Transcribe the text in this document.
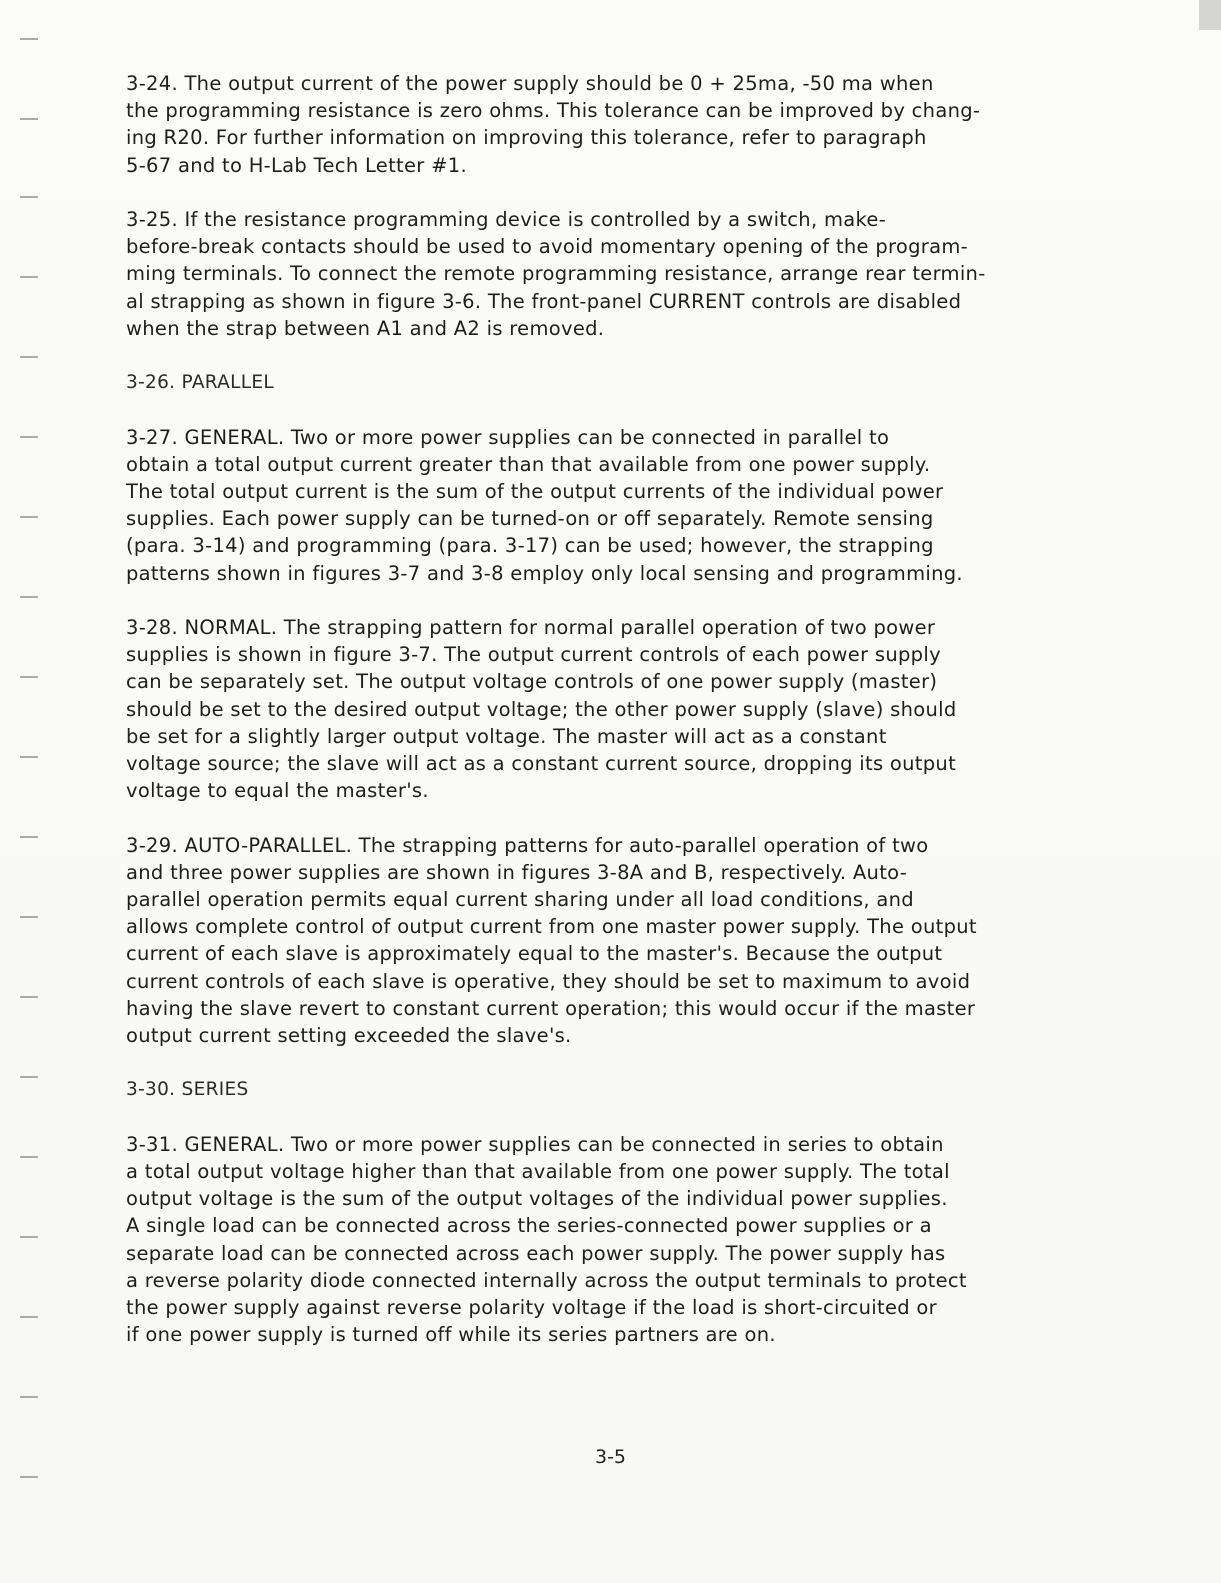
3-24. The output current of the power supply should be 0 + 25ma, -50 ma when
the programming resistance is zero ohms. This tolerance can be improved by chang-
ing R20. For further information on improving this tolerance, refer to paragraph
5-67 and to H-Lab Tech Letter #1.

3-25. If the resistance programming device is controlled by a switch, make-
before-break contacts should be used to avoid momentary opening of the program-
ming terminals. To connect the remote programming resistance, arrange rear termin-
al strapping as shown in figure 3-6. The front-panel CURRENT controls are disabled
when the strap between A1 and A2 is removed.

3-26. PARALLEL

3-27. GENERAL. Two or more power supplies can be connected in parallel to
obtain a total output current greater than that available from one power supply.
The total output current is the sum of the output currents of the individual power
supplies. Each power supply can be turned-on or off separately. Remote sensing
(para. 3-14) and programming (para. 3-17) can be used; however, the strapping
patterns shown in figures 3-7 and 3-8 employ only local sensing and programming.

3-28. NORMAL. The strapping pattern for normal parallel operation of two power
supplies is shown in figure 3-7. The output current controls of each power supply
can be separately set. The output voltage controls of one power supply (master)
should be set to the desired output voltage; the other power supply (slave) should
be set for a slightly larger output voltage. The master will act as a constant
voltage source; the slave will act as a constant current source, dropping its output
voltage to equal the master's.

3-29. AUTO-PARALLEL. The strapping patterns for auto-parallel operation of two
and three power supplies are shown in figures 3-8A and B, respectively. Auto-
parallel operation permits equal current sharing under all load conditions, and
allows complete control of output current from one master power supply. The output
current of each slave is approximately equal to the master's. Because the output
current controls of each slave is operative, they should be set to maximum to avoid
having the slave revert to constant current operation; this would occur if the master
output current setting exceeded the slave's.

3-30. SERIES

3-31. GENERAL. Two or more power supplies can be connected in series to obtain
a total output voltage higher than that available from one power supply. The total
output voltage is the sum of the output voltages of the individual power supplies.
A single load can be connected across the series-connected power supplies or a
separate load can be connected across each power supply. The power supply has
a reverse polarity diode connected internally across the output terminals to protect
the power supply against reverse polarity voltage if the load is short-circuited or
if one power supply is turned off while its series partners are on.

3-5
